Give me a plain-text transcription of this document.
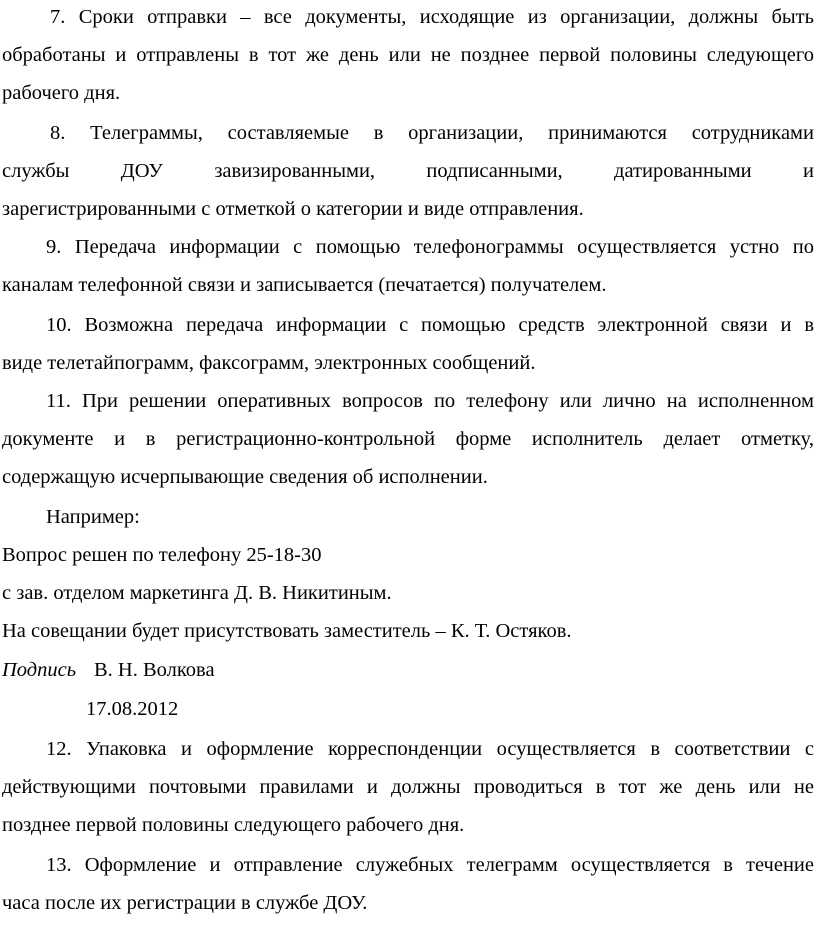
7. Сроки отправки – все документы, исходящие из организации, должны быть
обработаны и отправлены в тот же день или не позднее первой половины следующего
рабочего дня.
8. Телеграммы, составляемые в организации, принимаются сотрудниками
службы ДОУ завизированными, подписанными, датированными и
зарегистрированными с отметкой о категории и виде отправления.
9. Передача информации с помощью телефонограммы осуществляется устно по
каналам телефонной связи и записывается (печатается) получателем.
10. Возможна передача информации с помощью средств электронной связи и в
виде телетайпограмм, факсограмм, электронных сообщений.
11. При решении оперативных вопросов по телефону или лично на исполненном
документе и в регистрационно-контрольной форме исполнитель делает отметку,
содержащую исчерпывающие сведения об исполнении.
Например:
Вопрос решен по телефону 25-18-30
с зав. отделом маркетинга Д. В. Никитиным.
На совещании будет присутствовать заместитель – К. Т. Остяков.
Подпись В. Н. Волкова
17.08.2012
12. Упаковка и оформление корреспонденции осуществляется в соответствии с
действующими почтовыми правилами и должны проводиться в тот же день или не
позднее первой половины следующего рабочего дня.
13. Оформление и отправление служебных телеграмм осуществляется в течение
часа после их регистрации в службе ДОУ.
